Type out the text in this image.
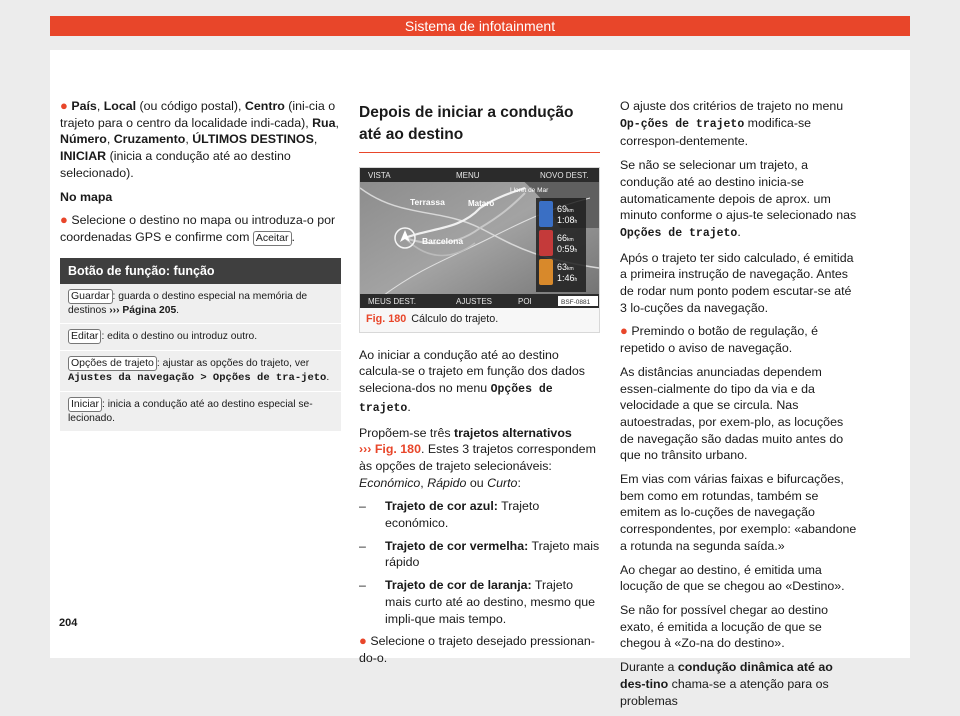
Sistema de infotainment

● País, Local (ou código postal), Centro (ini-cia o trajeto para o centro da localidade indi-cada), Rua, Número, Cruzamento, ÚLTIMOS DESTINOS, INICIAR (inicia a condução até ao destino selecionado).

No mapa

● Selecione o destino no mapa ou introduza-o por coordenadas GPS e confirme com Aceitar .

Botão de função: função
Guardar : guarda o destino especial na memória de destinos ››› Página 205.
Editar : edita o destino ou introduz outro.
Opções de trajeto : ajustar as opções do trajeto, ver Ajustes da navegação > Opções de tra-jeto.
Iniciar : inicia a condução até ao destino especial se-lecionado.
Depois de iniciar a condução até ao destino
VISTA	MENU	NOVO DEST.
MEUS DEST.	AJUSTES	POI
Terrassa	Mataró
Barcelona
Lloret de Mar
69km
1:08h
66km
0:59h
63km
1:46h
BSF-0881
Fig. 180 Cálculo do trajeto.

Ao iniciar a condução até ao destino calcula-se o trajeto em função dos dados seleciona-dos no menu Opções de trajeto.

Propõem-se três trajetos alternativos
››› Fig. 180. Estes 3 trajetos correspondem às opções de trajeto selecionáveis: Económico, Rápido ou Curto:

–	Trajeto de cor azul: Trajeto económico.
–	Trajeto de cor vermelha: Trajeto mais rápido
–	Trajeto de cor de laranja: Trajeto mais curto até ao destino, mesmo que impli-que mais tempo.

● Selecione o trajeto desejado pressionan-do-o.

O ajuste dos critérios de trajeto no menu Op-ções de trajeto modifica-se correspon-dentemente.

Se não se selecionar um trajeto, a condução até ao destino inicia-se automaticamente depois de aprox. um minuto conforme o ajus-te selecionado nas Opções de trajeto.

Após o trajeto ter sido calculado, é emitida a primeira instrução de navegação. Antes de rodar num ponto podem escutar-se até 3 lo-cuções da navegação.

● Premindo o botão de regulação, é repetido o aviso de navegação.

As distâncias anunciadas dependem essen-cialmente do tipo da via e da velocidade a que se circula. Nas autoestradas, por exem-plo, as locuções de navegação são dadas muito antes do que no trânsito urbano.

Em vias com várias faixas e bifurcações, bem como em rotundas, também se emitem as lo-cuções de navegação correspondentes, por exemplo: «abandone a rotunda na segunda saída.»

Ao chegar ao destino, é emitida uma locução de que se chegou ao «Destino».

Se não for possível chegar ao destino exato, é emitida a locução de que se chegou à «Zo-na do destino».

Durante a condução dinâmica até ao des-tino chama-se a atenção para os problemas

204
